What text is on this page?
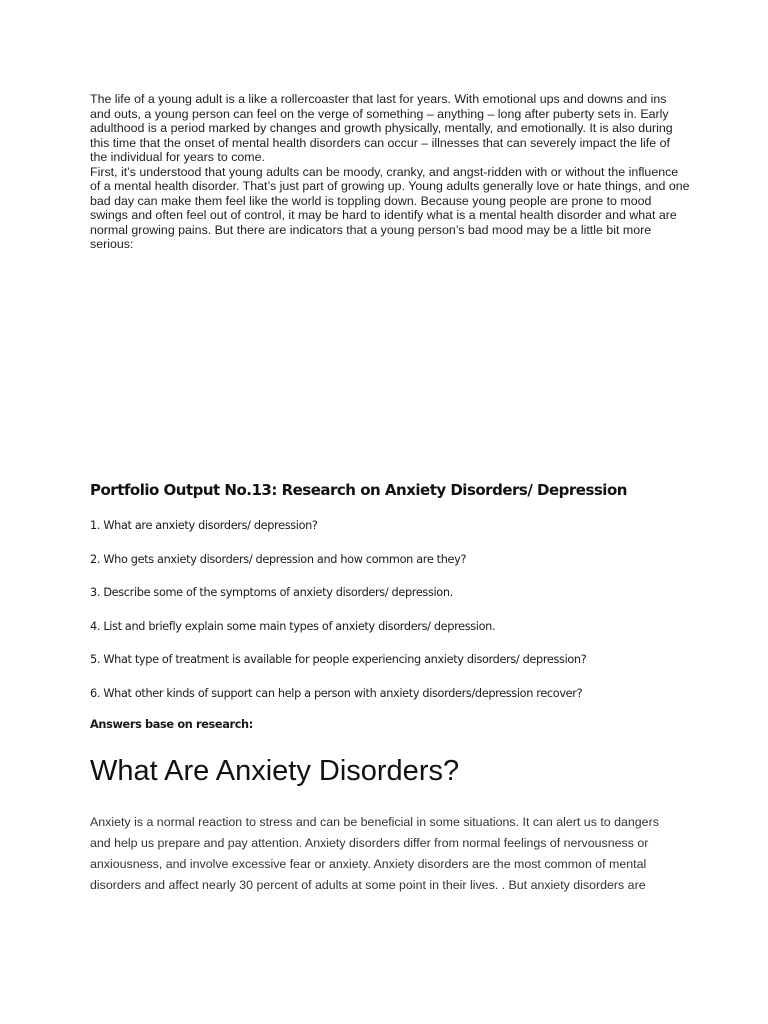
The life of a young adult is a like a rollercoaster that last for years. With emotional ups and downs and ins and outs, a young person can feel on the verge of something – anything – long after puberty sets in. Early adulthood is a period marked by changes and growth physically, mentally, and emotionally. It is also during this time that the onset of mental health disorders can occur – illnesses that can severely impact the life of the individual for years to come.

First, it’s understood that young adults can be moody, cranky, and angst-ridden with or without the influence of a mental health disorder. That’s just part of growing up. Young adults generally love or hate things, and one bad day can make them feel like the world is toppling down. Because young people are prone to mood swings and often feel out of control, it may be hard to identify what is a mental health disorder and what are normal growing pains. But there are indicators that a young person’s bad mood may be a little bit more serious:

Portfolio Output No.13: Research on Anxiety Disorders/ Depression
1. What are anxiety disorders/ depression?
2. Who gets anxiety disorders/ depression and how common are they?
3. Describe some of the symptoms of anxiety disorders/ depression.
4. List and briefly explain some main types of anxiety disorders/ depression.
5. What type of treatment is available for people experiencing anxiety disorders/ depression?
6. What other kinds of support can help a person with anxiety disorders/depression recover?

Answers base on research:

What Are Anxiety Disorders?

Anxiety is a normal reaction to stress and can be beneficial in some situations. It can alert us to dangers and help us prepare and pay attention. Anxiety disorders differ from normal feelings of nervousness or anxiousness, and involve excessive fear or anxiety. Anxiety disorders are the most common of mental disorders and affect nearly 30 percent of adults at some point in their lives. . But anxiety disorders are
